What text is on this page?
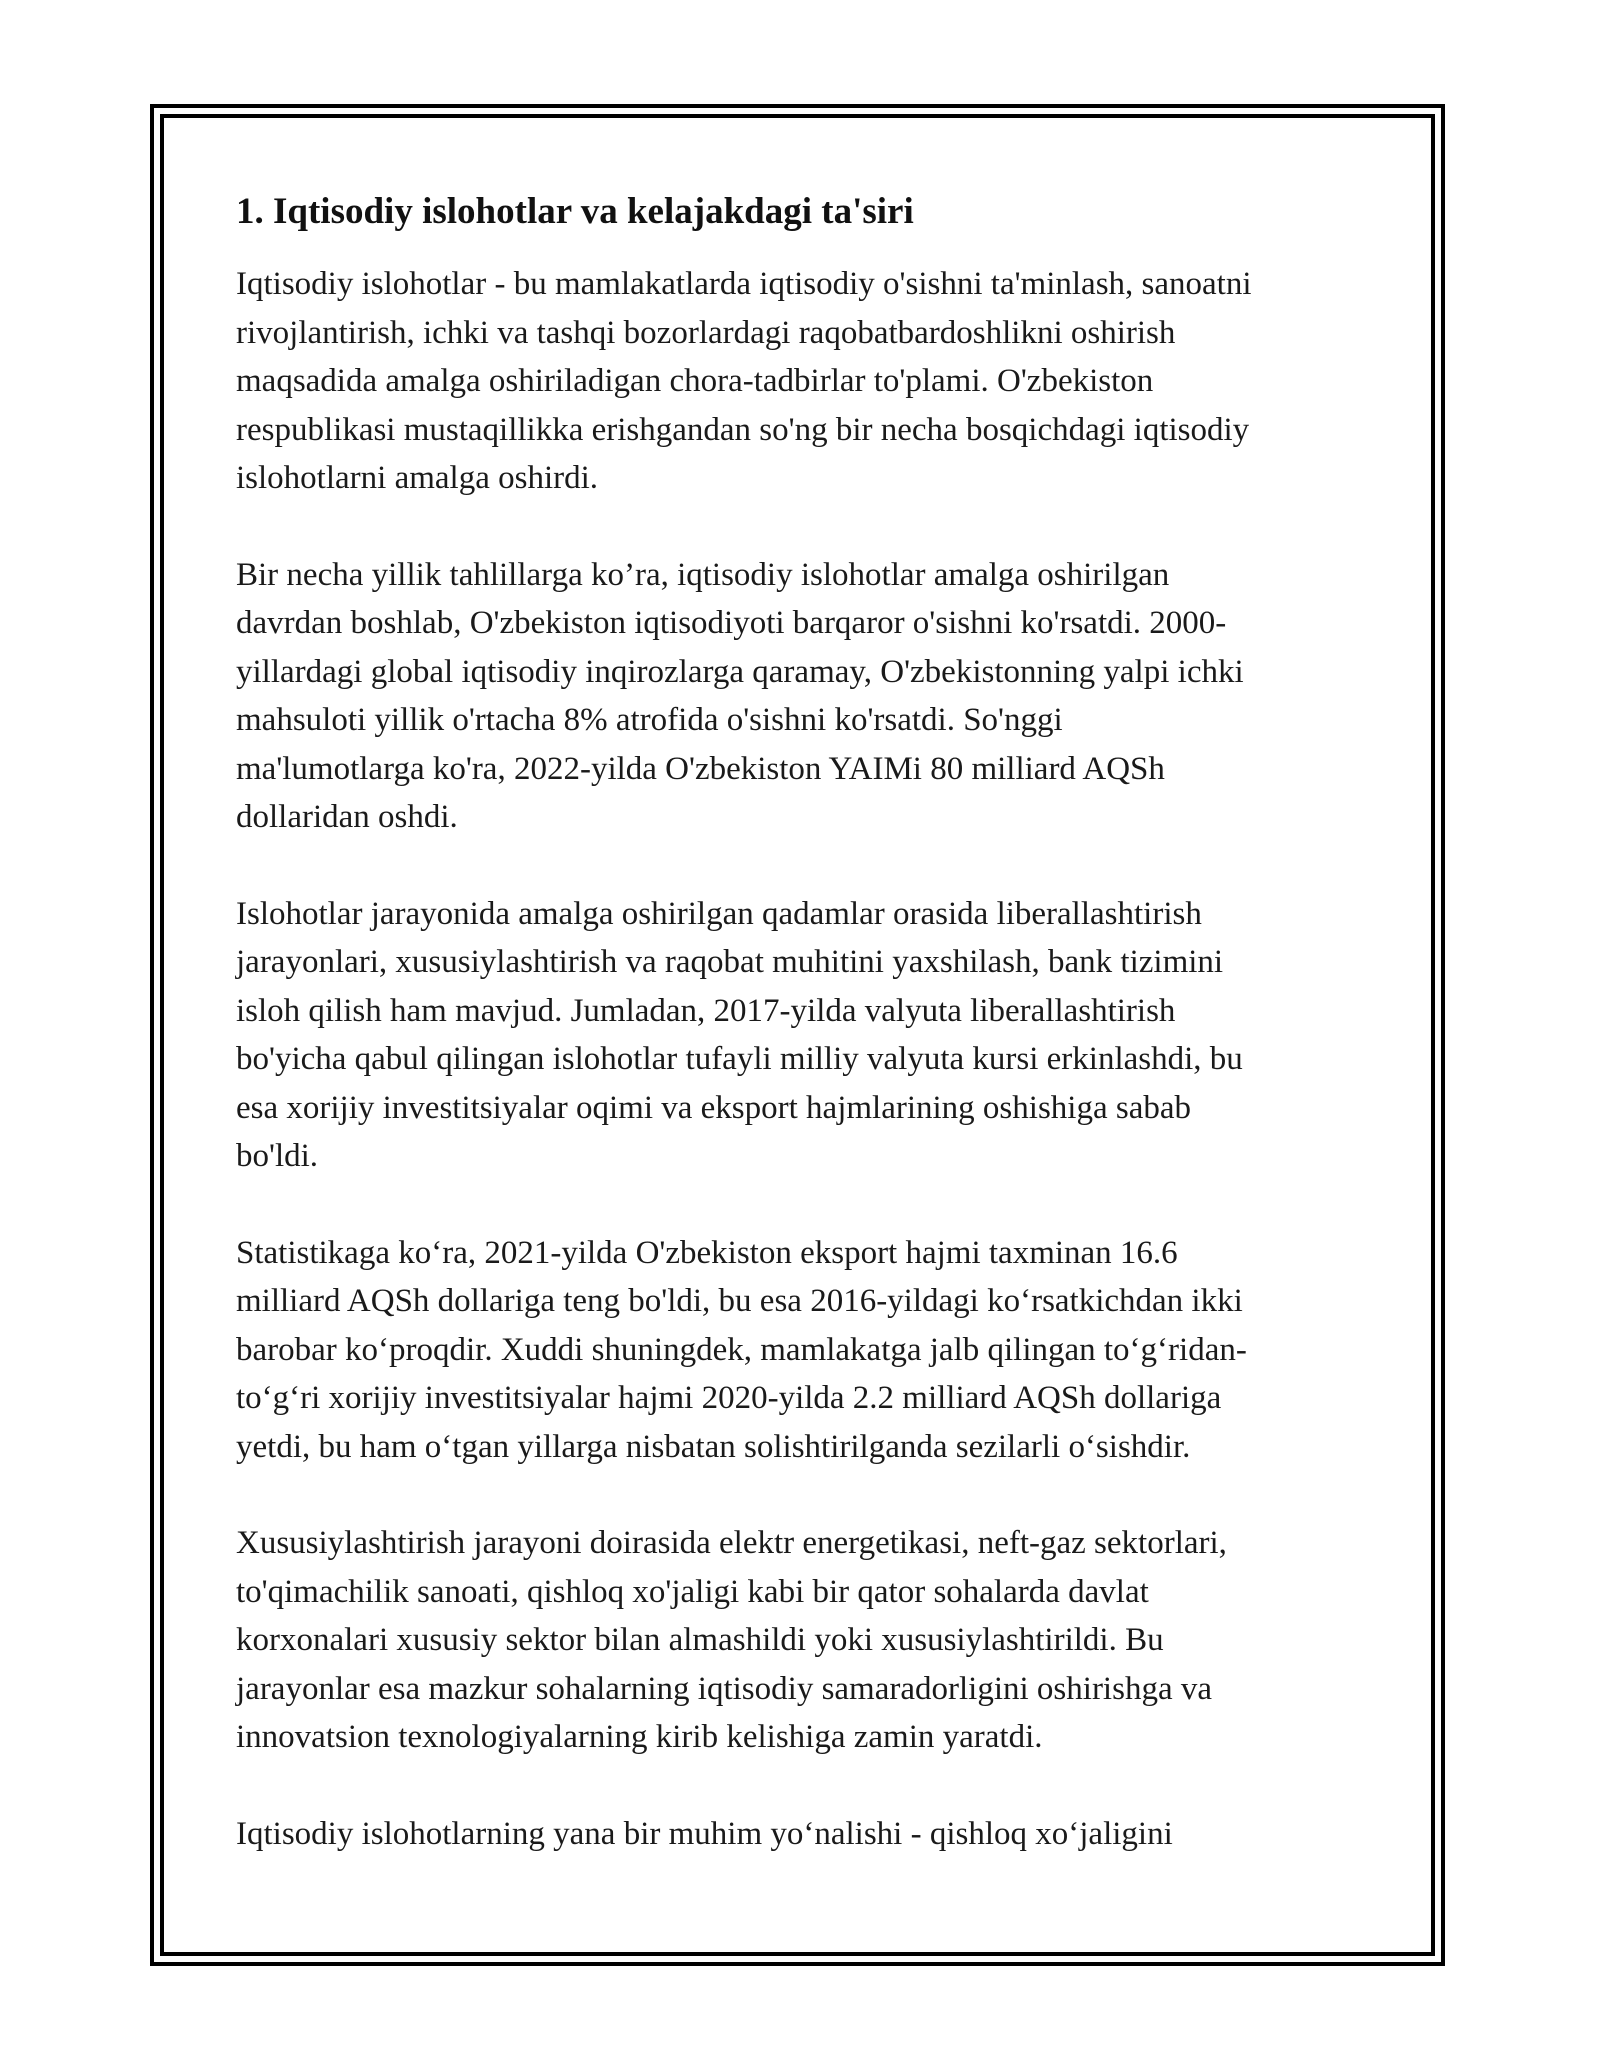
1. Iqtisodiy islohotlar va kelajakdagi ta'siri
Iqtisodiy islohotlar - bu mamlakatlarda iqtisodiy o'sishni ta'minlash, sanoatni
rivojlantirish, ichki va tashqi bozorlardagi raqobatbardoshlikni oshirish
maqsadida amalga oshiriladigan chora-tadbirlar to'plami. O'zbekiston
respublikasi mustaqillikka erishgandan so'ng bir necha bosqichdagi iqtisodiy
islohotlarni amalga oshirdi.
Bir necha yillik tahlillarga ko’ra, iqtisodiy islohotlar amalga oshirilgan
davrdan boshlab, O'zbekiston iqtisodiyoti barqaror o'sishni ko'rsatdi. 2000-
yillardagi global iqtisodiy inqirozlarga qaramay, O'zbekistonning yalpi ichki
mahsuloti yillik o'rtacha 8% atrofida o'sishni ko'rsatdi. So'nggi
ma'lumotlarga ko'ra, 2022-yilda O'zbekiston YAIMi 80 milliard AQSh
dollaridan oshdi.
Islohotlar jarayonida amalga oshirilgan qadamlar orasida liberallashtirish
jarayonlari, xususiylashtirish va raqobat muhitini yaxshilash, bank tizimini
isloh qilish ham mavjud. Jumladan, 2017-yilda valyuta liberallashtirish
bo'yicha qabul qilingan islohotlar tufayli milliy valyuta kursi erkinlashdi, bu
esa xorijiy investitsiyalar oqimi va eksport hajmlarining oshishiga sabab
bo'ldi.
Statistikaga koʻra, 2021-yilda O'zbekiston eksport hajmi taxminan 16.6
milliard AQSh dollariga teng bo'ldi, bu esa 2016-yildagi koʻrsatkichdan ikki
barobar koʻproqdir. Xuddi shuningdek, mamlakatga jalb qilingan toʻgʻridan-
toʻgʻri xorijiy investitsiyalar hajmi 2020-yilda 2.2 milliard AQSh dollariga
yetdi, bu ham oʻtgan yillarga nisbatan solishtirilganda sezilarli oʻsishdir.
Xususiylashtirish jarayoni doirasida elektr energetikasi, neft-gaz sektorlari,
to'qimachilik sanoati, qishloq xo'jaligi kabi bir qator sohalarda davlat
korxonalari xususiy sektor bilan almashildi yoki xususiylashtirildi. Bu
jarayonlar esa mazkur sohalarning iqtisodiy samaradorligini oshirishga va
innovatsion texnologiyalarning kirib kelishiga zamin yaratdi.
Iqtisodiy islohotlarning yana bir muhim yoʻnalishi - qishloq xoʻjaligini
